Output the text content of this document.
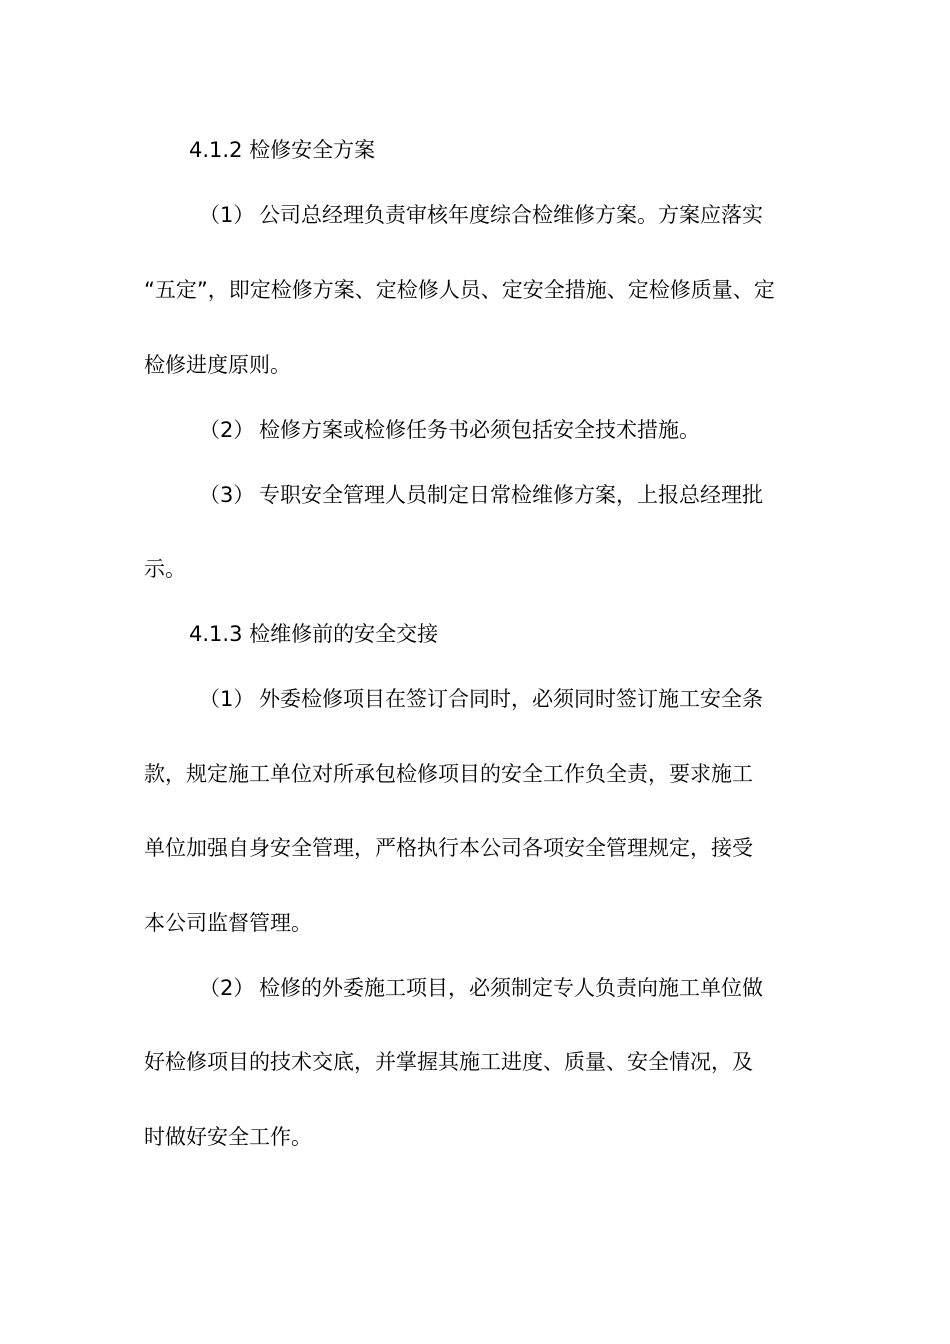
4.1.2 检修安全方案
（1） 公司总经理负责审核年度综合检维修方案。方案应落实
“五定”，即定检修方案、定检修人员、定安全措施、定检修质量、定
检修进度原则。
（2） 检修方案或检修任务书必须包括安全技术措施。
（3） 专职安全管理人员制定日常检维修方案，上报总经理批
示。
4.1.3 检维修前的安全交接
（1） 外委检修项目在签订合同时，必须同时签订施工安全条
款，规定施工单位对所承包检修项目的安全工作负全责，要求施工
单位加强自身安全管理，严格执行本公司各项安全管理规定，接受
本公司监督管理。
（2） 检修的外委施工项目，必须制定专人负责向施工单位做
好检修项目的技术交底，并掌握其施工进度、质量、安全情况，及
时做好安全工作。
